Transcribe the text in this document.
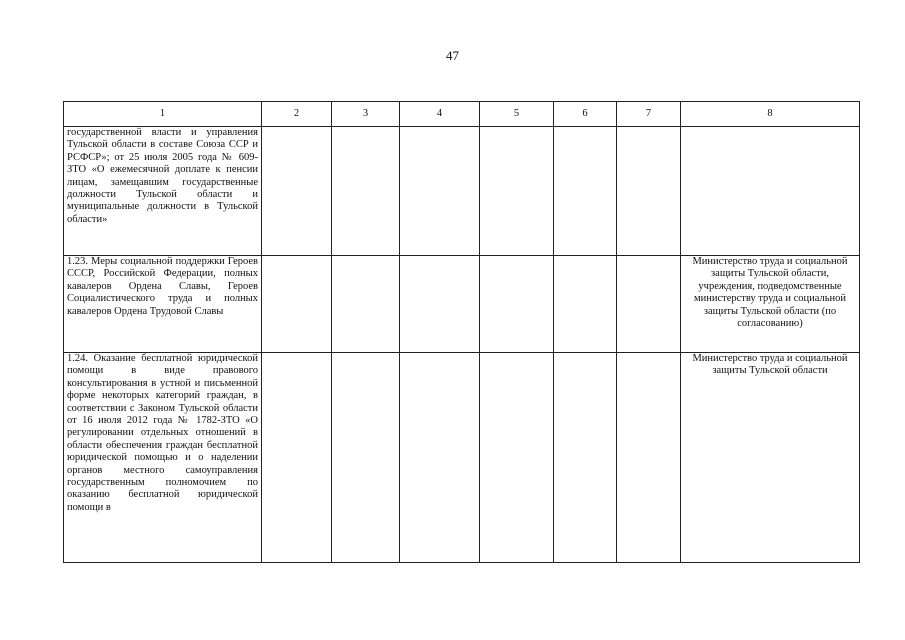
47
1	2	3	4	5	6	7	8
государственной власти и управления Тульской области в составе Союза ССР и РСФСР»; от 25 июля 2005 года № 609-ЗТО «О ежемесячной доплате к пенсии лицам, замещавшим государственные должности Тульской области и муниципальные должности в Тульской области»							
1.23. Меры социальной поддержки Героев СССР, Российской Федерации, полных кавалеров Ордена Славы, Героев Социалистического труда и полных кавалеров Ордена Трудовой Славы							Министерство труда и социальной защиты Тульской области, учреждения, подведомственные министерству труда и социальной защиты Тульской области (по согласованию)
1.24. Оказание бесплатной юридической помощи в виде правового консультирования в устной и письменной форме некоторых категорий граждан, в соответствии с Законом Тульской области от 16 июля 2012 года № 1782-ЗТО «О регулировании отдельных отношений в области обеспечения граждан бесплатной юридической помощью и о наделении органов местного самоуправления государственным полномочием по оказанию бесплатной юридической помощи в							Министерство труда и социальной защиты Тульской области
